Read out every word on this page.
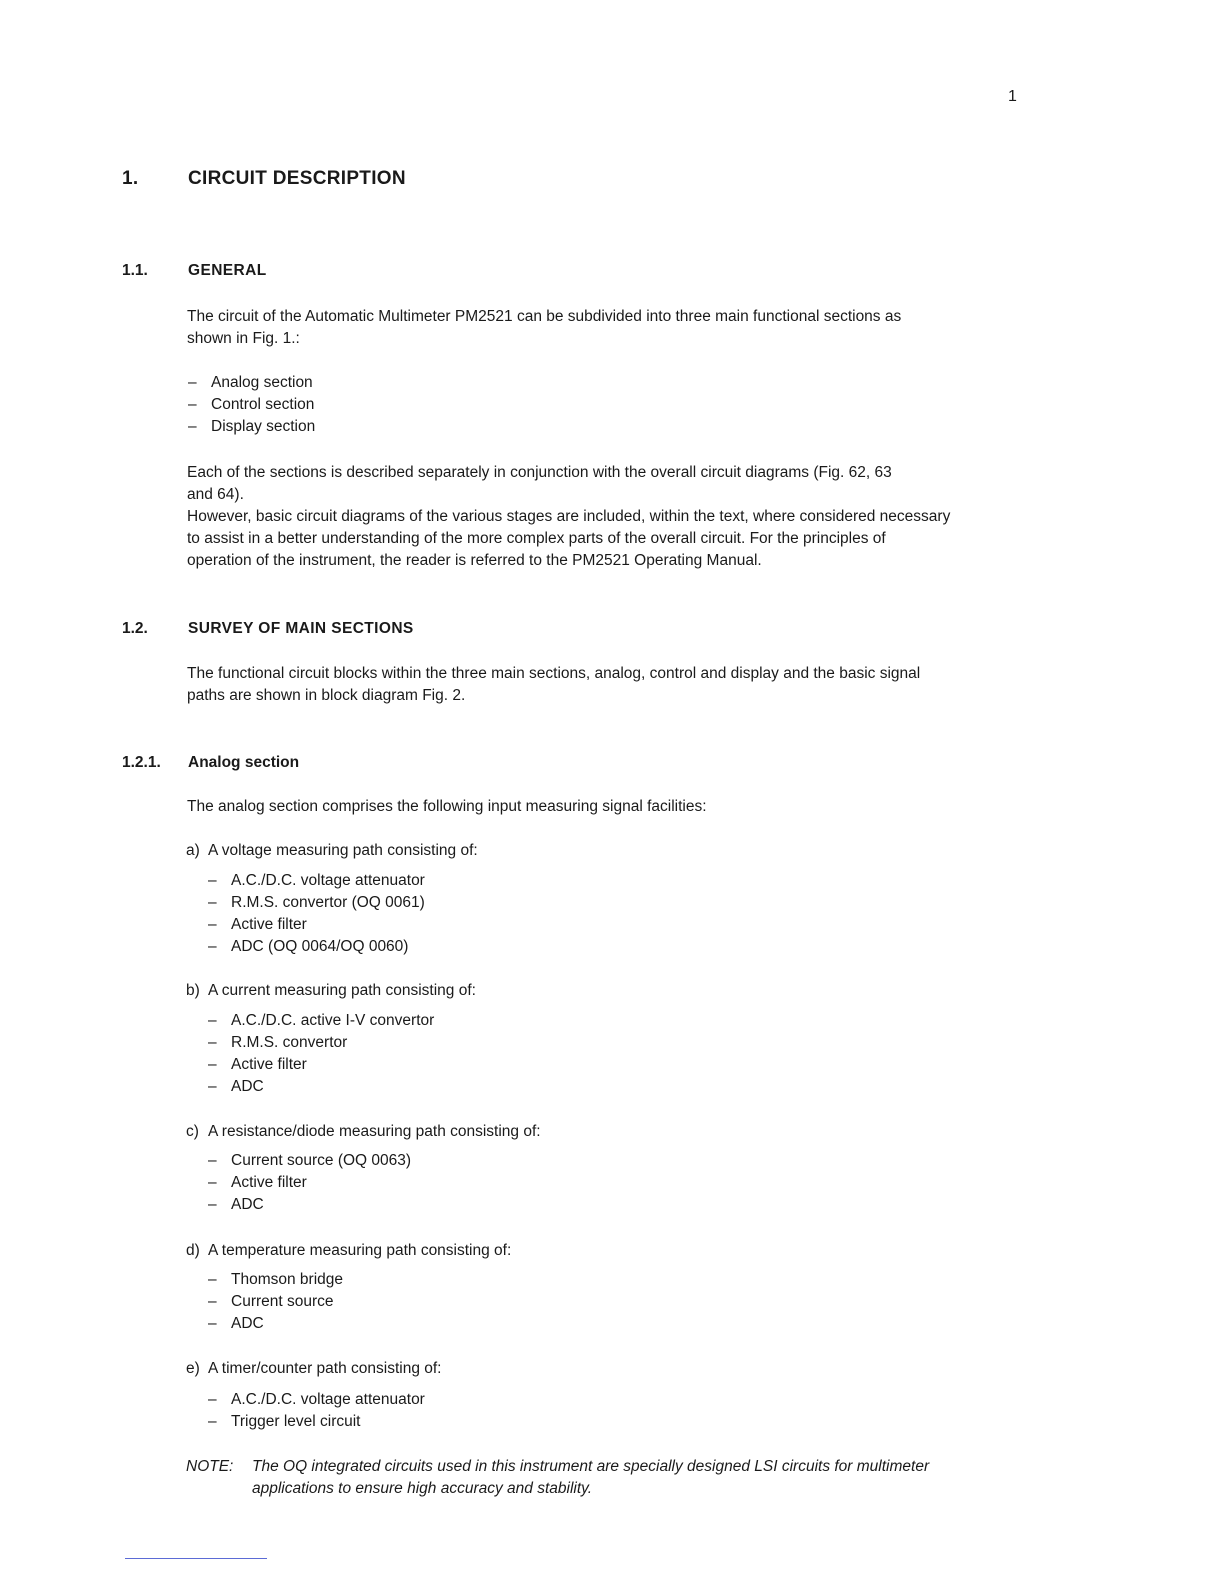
1
1.	CIRCUIT DESCRIPTION
1.1.	GENERAL

The circuit of the Automatic Multimeter PM2521 can be subdivided into three main functional sections as

shown in Fig. 1.:

– Analog section
– Control section
– Display section

Each of the sections is described separately in conjunction with the overall circuit diagrams (Fig. 62, 63

and 64).

However, basic circuit diagrams of the various stages are included, within the text, where considered necessary

to assist in a better understanding of the more complex parts of the overall circuit. For the principles of

operation of the instrument, the reader is referred to the PM2521 Operating Manual.

1.2.	SURVEY OF MAIN SECTIONS

The functional circuit blocks within the three main sections, analog, control and display and the basic signal

paths are shown in block diagram Fig. 2.

1.2.1. Analog section
The analog section comprises the following input measuring signal facilities:
a) A voltage measuring path consisting of:
– A.C./D.C. voltage attenuator
– R.M.S. convertor (OQ 0061)
– Active filter
– ADC (OQ 0064/OQ 0060)
b) A current measuring path consisting of:
– A.C./D.C. active I-V convertor
– R.M.S. convertor
– Active filter
– ADC
c) A resistance/diode measuring path consisting of:
– Current source (OQ 0063)
– Active filter
– ADC
d) A temperature measuring path consisting of:
– Thomson bridge
– Current source
– ADC
e) A timer/counter path consisting of:
– A.C./D.C. voltage attenuator
– Trigger level circuit
NOTE: The OQ integrated circuits used in this instrument are specially designed LSI circuits for multimeter
applications to ensure high accuracy and stability.
